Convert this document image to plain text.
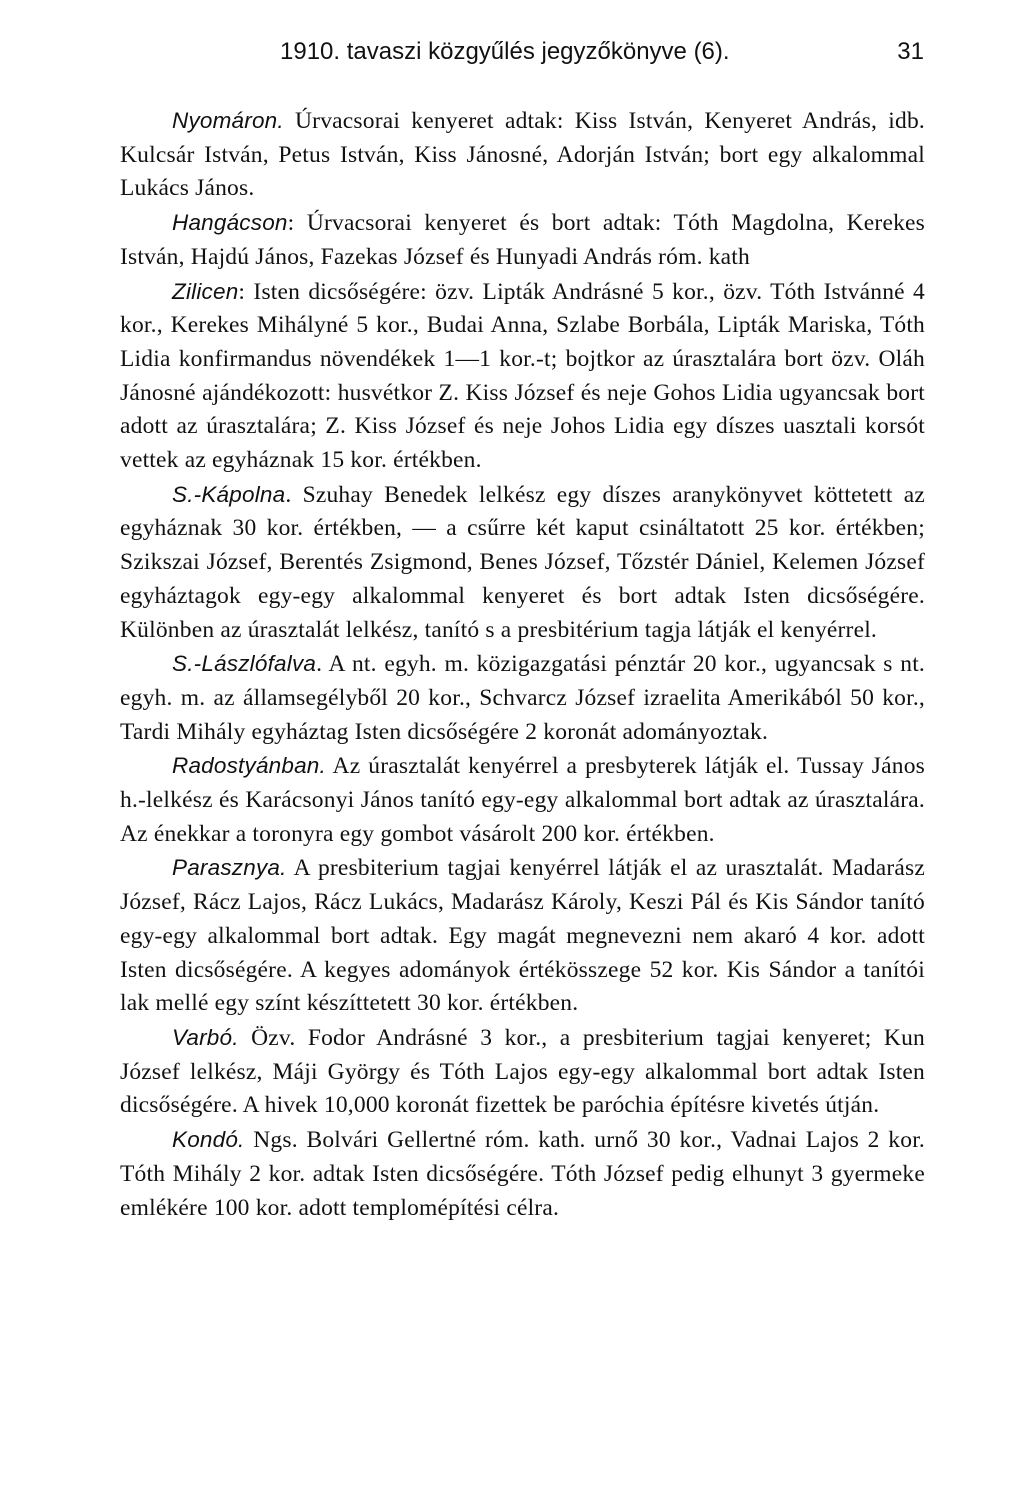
1910. tavaszi közgyűlés jegyzőkönyve (6).	31

Nyomáron. Úrvacsorai kenyeret adtak: Kiss István, Kenyeret András, idb. Kulcsár István, Petus István, Kiss Jánosné, Adorján István; bort egy alkalommal Lukács János.

Hangácson: Úrvacsorai kenyeret és bort adtak: Tóth Magdolna, Kerekes István, Hajdú János, Fazekas József és Hunyadi András róm. kath

Zilicen: Isten dicsőségére: özv. Lipták Andrásné 5 kor., özv. Tóth Istvánné 4 kor., Kerekes Mihályné 5 kor., Budai Anna, Szlabe Borbála, Lipták Mariska, Tóth Lidia konfirmandus növendékek 1—1 kor.-t; bojtkor az úrasztalára bort özv. Oláh Jánosné ajándékozott: husvétkor Z. Kiss József és neje Gohos Lidia ugyancsak bort adott az úrasztalára; Z. Kiss József és neje Johos Lidia egy díszes uasztali korsót vettek az egyháznak 15 kor. értékben.

S.-Kápolna. Szuhay Benedek lelkész egy díszes aranykönyvet köttetett az egyháznak 30 kor. értékben, — a csűrre két kaput csináltatott 25 kor. értékben; Szikszai József, Berentés Zsigmond, Benes József, Tőzstér Dániel, Kelemen József egyháztagok egy-egy alkalommal kenyeret és bort adtak Isten dicsőségére. Különben az úrasztalát lelkész, tanító s a presbitérium tagja látják el kenyérrel.

S.-Lászlófalva. A nt. egyh. m. közigazgatási pénztár 20 kor., ugyancsak s nt. egyh. m. az államsegélyből 20 kor., Schvarcz József izraelita Amerikából 50 kor., Tardi Mihály egyháztag Isten dicsőségére 2 koronát adományoztak.

Radostyánban. Az úrasztalát kenyérrel a presbyterek látják el. Tussay János h.-lelkész és Karácsonyi János tanító egy-egy alkalommal bort adtak az úrasztalára. Az énekkar a toronyra egy gombot vásárolt 200 kor. értékben.

Parasznya. A presbiterium tagjai kenyérrel látják el az urasztalát. Madarász József, Rácz Lajos, Rácz Lukács, Madarász Károly, Keszi Pál és Kis Sándor tanító egy-egy alkalommal bort adtak. Egy magát megnevezni nem akaró 4 kor. adott Isten dicsőségére. A kegyes adományok értékösszege 52 kor. Kis Sándor a tanítói lak mellé egy színt készíttetett 30 kor. értékben.

Varbó. Özv. Fodor Andrásné 3 kor., a presbiterium tagjai kenyeret; Kun József lelkész, Máji György és Tóth Lajos egy-egy alkalommal bort adtak Isten dicsőségére. A hivek 10,000 koronát fizettek be paróchia építésre kivetés útján.

Kondó. Ngs. Bolvári Gellertné róm. kath. urnő 30 kor., Vadnai Lajos 2 kor. Tóth Mihály 2 kor. adtak Isten dicsőségére. Tóth József pedig elhunyt 3 gyermeke emlékére 100 kor. adott templomépítési célra.
